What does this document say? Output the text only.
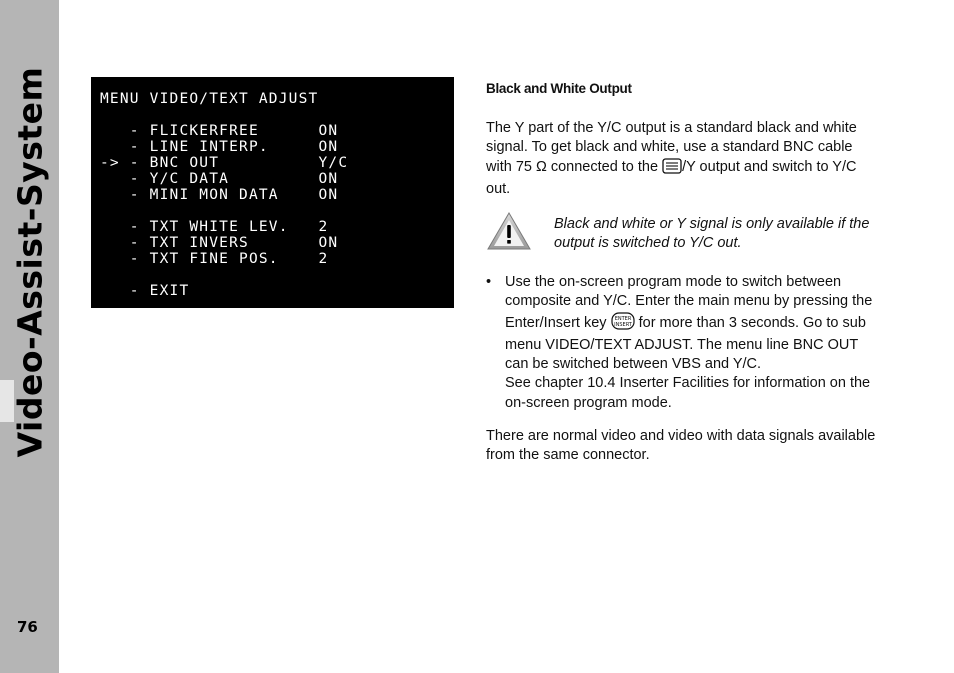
Video-Assist-System
76
MENU VIDEO/TEXT ADJUST
- FLICKERFREE      ON
- LINE INTERP.     ON
-> - BNC OUT          Y/C
- Y/C DATA         ON
- MINI MON DATA    ON
- TXT WHITE LEV.   2
- TXT INVERS       ON
- TXT FINE POS.    2
- EXIT
Black and White Output
The Y part of the Y/C output is a standard black and white signal. To get black and white, use a standard BNC cable with 75 Ω connected to the /Y output and switch to Y/C out.
Black and white or Y signal is only available if the output is switched to Y/C out.
• Use the on-screen program mode to switch between composite and Y/C. Enter the main menu by pressing the Enter/Insert key ENTER
INSERT for more than 3 seconds. Go to sub menu VIDEO/TEXT ADJUST. The menu line BNC OUT can be switched between VBS and Y/C.
See chapter 10.4 Inserter Facilities for information on the on-screen program mode.
There are normal video and video with data signals available from the same connector.
